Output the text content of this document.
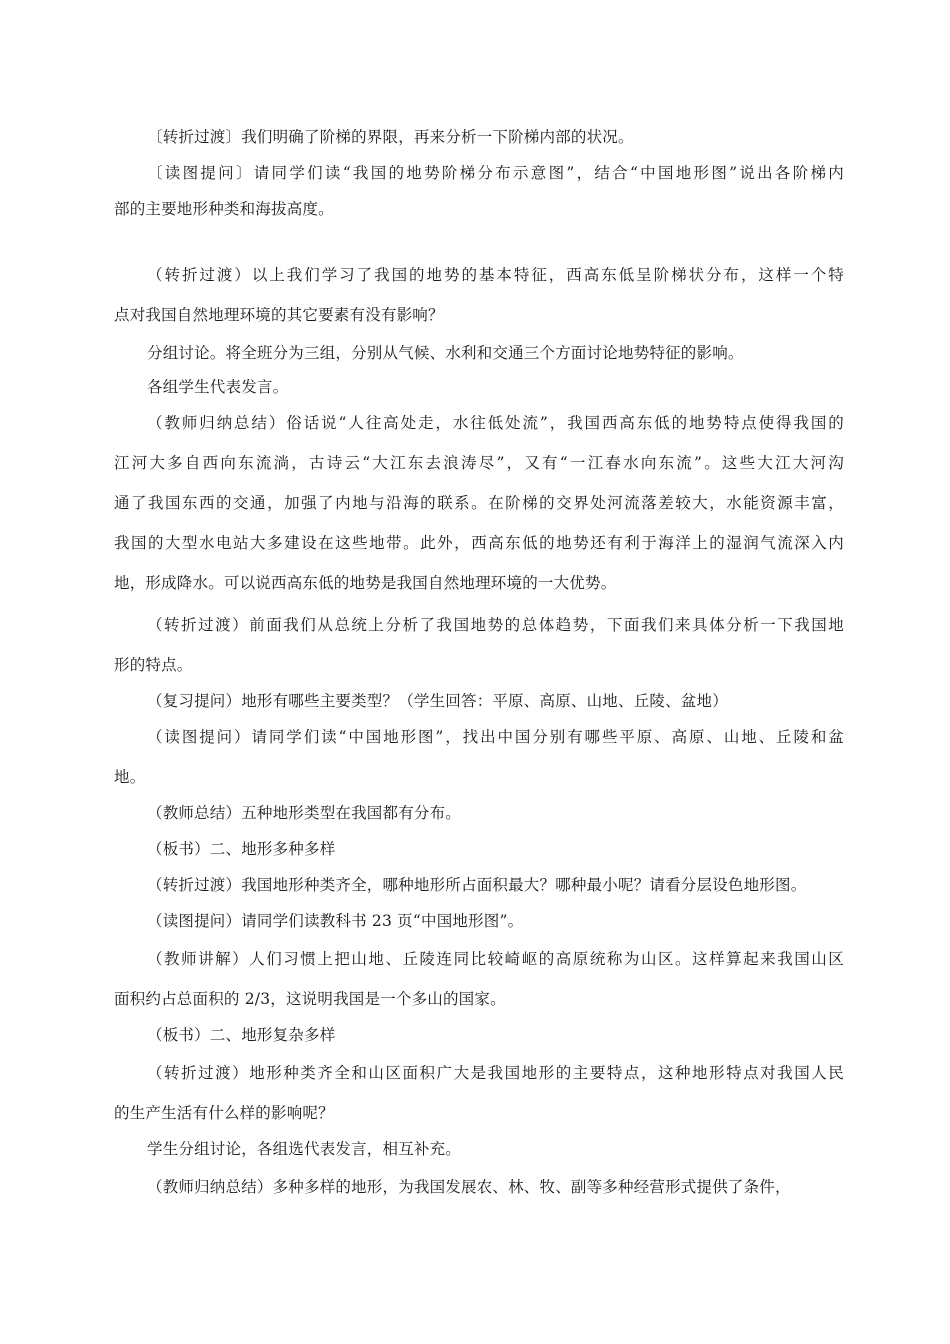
〔转折过渡〕我们明确了阶梯的界限，再来分析一下阶梯内部的状况。
〔读图提问〕请同学们读“我国的地势阶梯分布示意图”，结合“中国地形图”说出各阶梯内
部的主要地形种类和海拔高度。
（转折过渡）以上我们学习了我国的地势的基本特征，西高东低呈阶梯状分布，这样一个特
点对我国自然地理环境的其它要素有没有影响？
分组讨论。将全班分为三组，分别从气候、水利和交通三个方面讨论地势特征的影响。
各组学生代表发言。
（教师归纳总结）俗话说“人往高处走，水往低处流”，我国西高东低的地势特点使得我国的
江河大多自西向东流淌，古诗云“大江东去浪涛尽”，又有“一江春水向东流”。这些大江大河沟
通了我国东西的交通，加强了内地与沿海的联系。在阶梯的交界处河流落差较大，水能资源丰富，
我国的大型水电站大多建设在这些地带。此外，西高东低的地势还有利于海洋上的湿润气流深入内
地，形成降水。可以说西高东低的地势是我国自然地理环境的一大优势。
（转折过渡）前面我们从总统上分析了我国地势的总体趋势，下面我们来具体分析一下我国地
形的特点。
（复习提问）地形有哪些主要类型？（学生回答：平原、高原、山地、丘陵、盆地）
（读图提问）请同学们读“中国地形图”，找出中国分别有哪些平原、高原、山地、丘陵和盆
地。
（教师总结）五种地形类型在我国都有分布。
（板书）二、地形多种多样
（转折过渡）我国地形种类齐全，哪种地形所占面积最大？哪种最小呢？请看分层设色地形图。
（读图提问）请同学们读教科书 23 页“中国地形图”。
（教师讲解）人们习惯上把山地、丘陵连同比较崎岖的高原统称为山区。这样算起来我国山区
面积约占总面积的 2/3，这说明我国是一个多山的国家。
（板书）二、地形复杂多样
（转折过渡）地形种类齐全和山区面积广大是我国地形的主要特点，这种地形特点对我国人民
的生产生活有什么样的影响呢？
学生分组讨论，各组选代表发言，相互补充。
（教师归纳总结）多种多样的地形，为我国发展农、林、牧、副等多种经营形式提供了条件，
